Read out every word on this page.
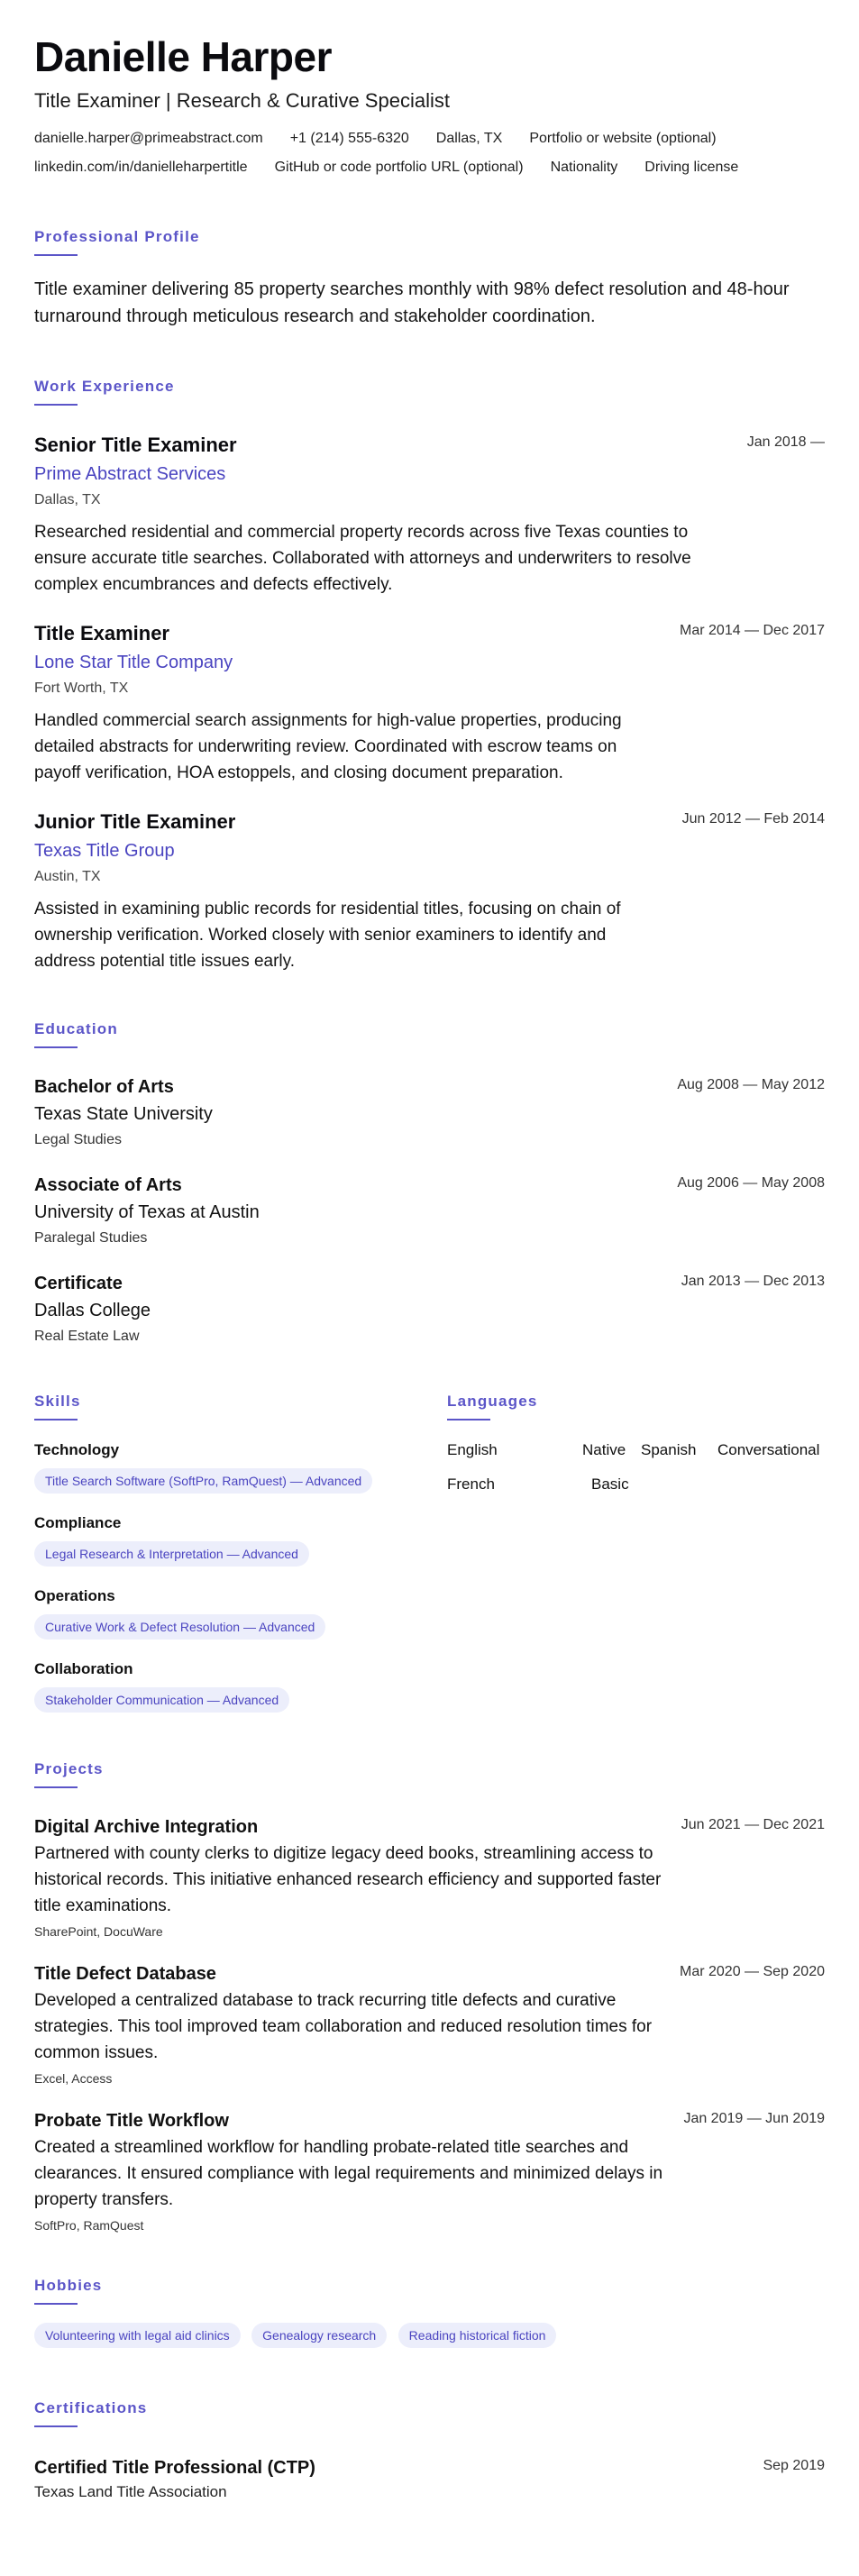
Danielle Harper
Title Examiner | Research & Curative Specialist
danielle.harper@primeabstract.com +1 (214) 555-6320 Dallas, TX Portfolio or website (optional)
linkedin.com/in/danielleharpertitle GitHub or code portfolio URL (optional) Nationality Driving license
Professional Profile

Title examiner delivering 85 property searches monthly with 98% defect resolution and 48-hour turnaround through meticulous research and stakeholder coordination.

Work Experience
Jan 2018 —
Senior Title Examiner
Prime Abstract Services
Dallas, TX

Researched residential and commercial property records across five Texas counties to ensure accurate title searches. Collaborated with attorneys and underwriters to resolve complex encumbrances and defects effectively.

Mar 2014 — Dec 2017
Title Examiner
Lone Star Title Company
Fort Worth, TX

Handled commercial search assignments for high-value properties, producing detailed abstracts for underwriting review. Coordinated with escrow teams on payoff verification, HOA estoppels, and closing document preparation.

Jun 2012 — Feb 2014
Junior Title Examiner
Texas Title Group
Austin, TX

Assisted in examining public records for residential titles, focusing on chain of ownership verification. Worked closely with senior examiners to identify and address potential title issues early.

Education
Aug 2008 — May 2012
Bachelor of Arts
Texas State University
Legal Studies
Aug 2006 — May 2008
Associate of Arts
University of Texas at Austin
Paralegal Studies
Jan 2013 — Dec 2013
Certificate
Dallas College
Real Estate Law
Skills
Technology
Title Search Software (SoftPro, RamQuest) — Advanced
Compliance
Legal Research & Interpretation — Advanced
Operations
Curative Work & Defect Resolution — Advanced
Collaboration
Stakeholder Communication — Advanced
Languages
English	Native Spanish	Conversational
French	Basic
Projects
Jun 2021 — Dec 2021
Digital Archive Integration

Partnered with county clerks to digitize legacy deed books, streamlining access to historical records. This initiative enhanced research efficiency and supported faster title examinations.

SharePoint, DocuWare
Mar 2020 — Sep 2020
Title Defect Database

Developed a centralized database to track recurring title defects and curative strategies. This tool improved team collaboration and reduced resolution times for common issues.

Excel, Access
Jan 2019 — Jun 2019
Probate Title Workflow

Created a streamlined workflow for handling probate-related title searches and clearances. It ensured compliance with legal requirements and minimized delays in property transfers.

SoftPro, RamQuest
Hobbies
Volunteering with legal aid clinics	Genealogy research	Reading historical fiction
Certifications
Sep 2019
Certified Title Professional (CTP)
Texas Land Title Association
